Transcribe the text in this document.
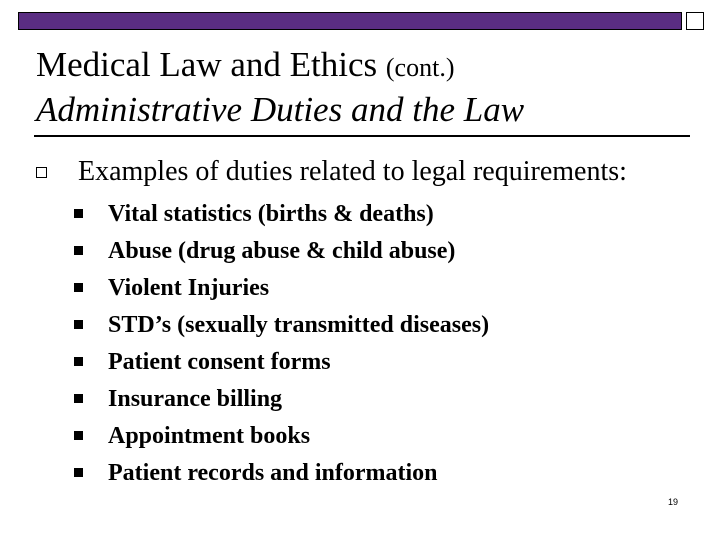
Medical Law and Ethics (cont.)
Administrative Duties and the Law
Examples of duties related to legal requirements:
Vital statistics (births & deaths)
Abuse (drug abuse & child abuse)
Violent Injuries
STD’s (sexually transmitted diseases)
Patient consent forms
Insurance billing
Appointment books
Patient records and information
19
